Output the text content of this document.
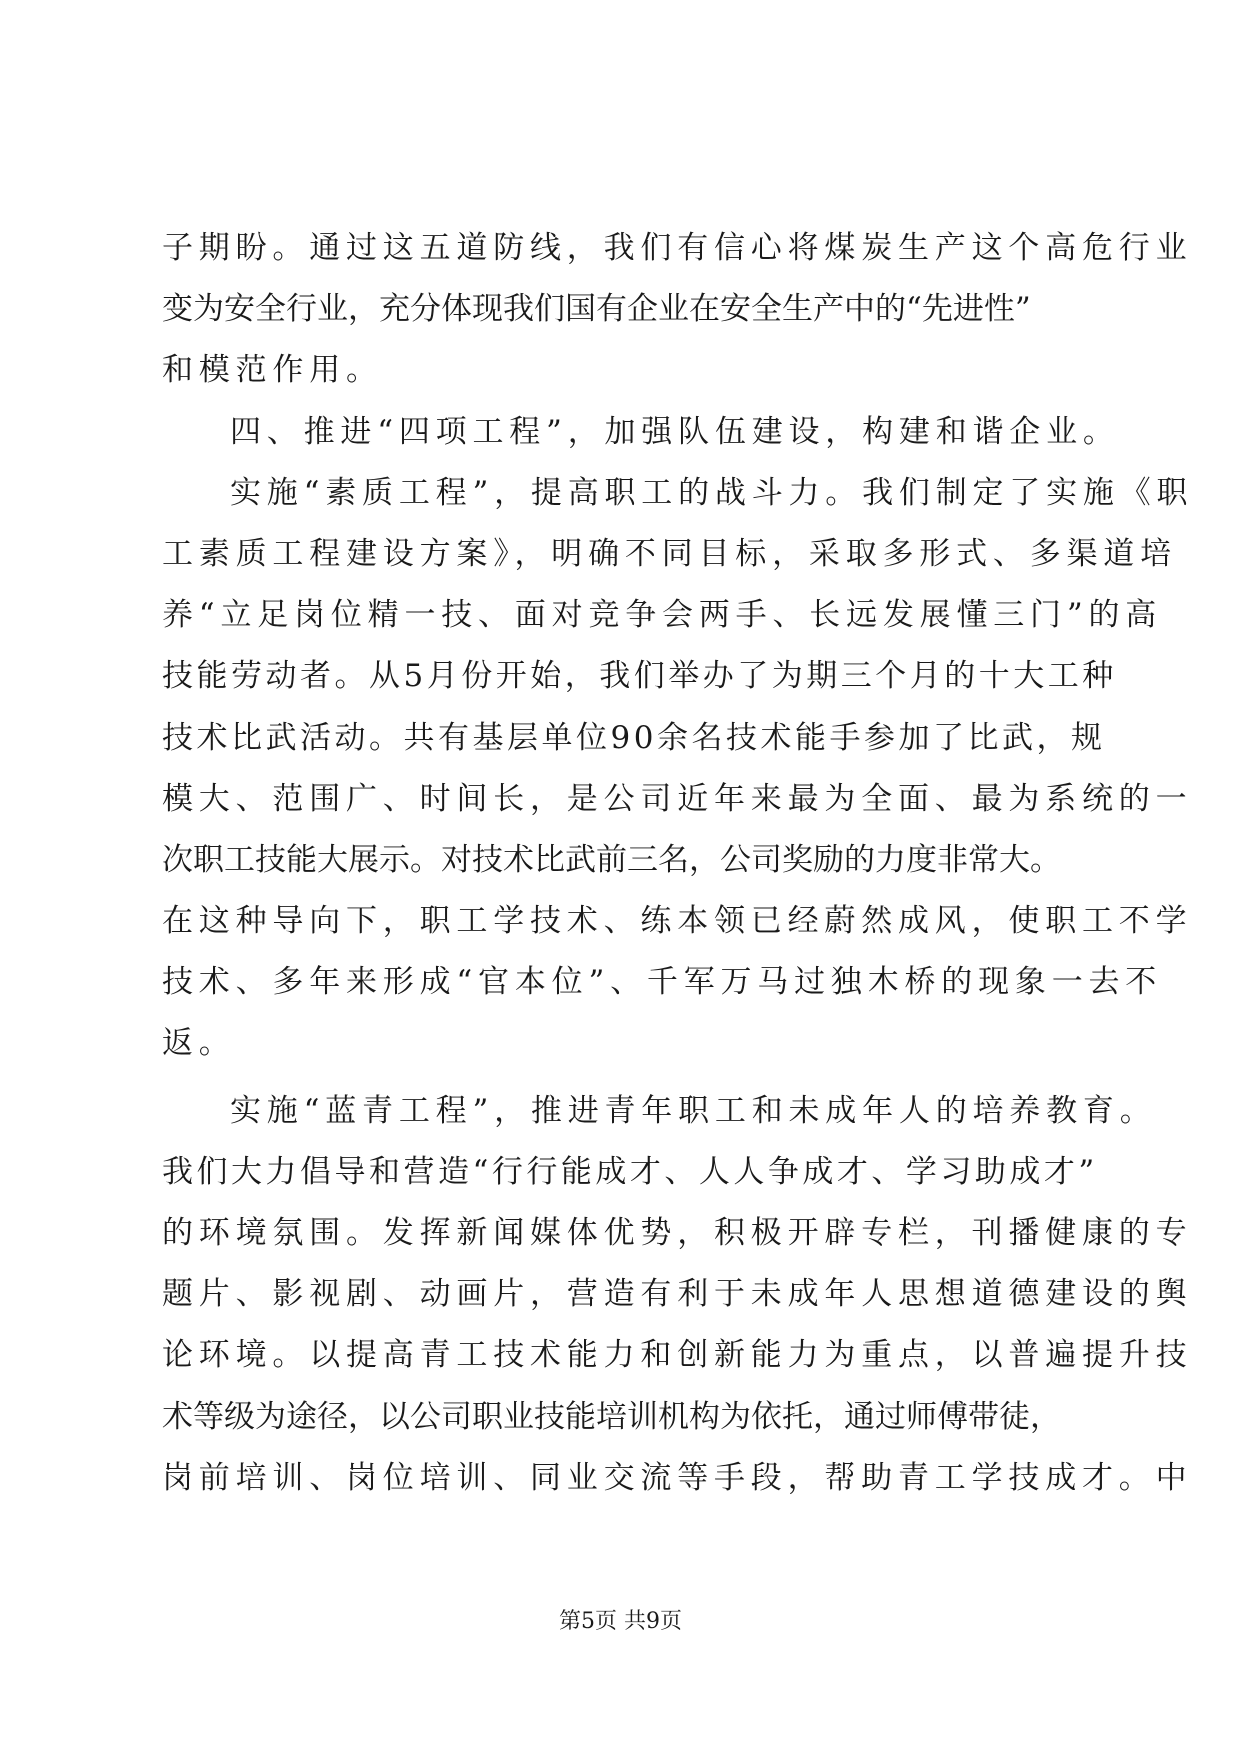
子期盼。通过这五道防线，我们有信心将煤炭生产这个高危行业
变为安全行业，充分体现我们国有企业在安全生产中的“先进性”
和模范作用。
四、推进“四项工程”，加强队伍建设，构建和谐企业。
实施“素质工程”，提高职工的战斗力。我们制定了实施《职
工素质工程建设方案》，明确不同目标，采取多形式、多渠道培
养“立足岗位精一技、面对竞争会两手、长远发展懂三门”的高
技能劳动者。从5月份开始，我们举办了为期三个月的十大工种
技术比武活动。共有基层单位90余名技术能手参加了比武，规
模大、范围广、时间长，是公司近年来最为全面、最为系统的一
次职工技能大展示。对技术比武前三名，公司奖励的力度非常大。
在这种导向下，职工学技术、练本领已经蔚然成风，使职工不学
技术、多年来形成“官本位”、千军万马过独木桥的现象一去不
返。
实施“蓝青工程”，推进青年职工和未成年人的培养教育。
我们大力倡导和营造“行行能成才、人人争成才、学习助成才”
的环境氛围。发挥新闻媒体优势，积极开辟专栏，刊播健康的专
题片、影视剧、动画片，营造有利于未成年人思想道德建设的舆
论环境。以提高青工技术能力和创新能力为重点，以普遍提升技
术等级为途径，以公司职业技能培训机构为依托，通过师傅带徒，
岗前培训、岗位培训、同业交流等手段，帮助青工学技成才。中
第5页 共9页
